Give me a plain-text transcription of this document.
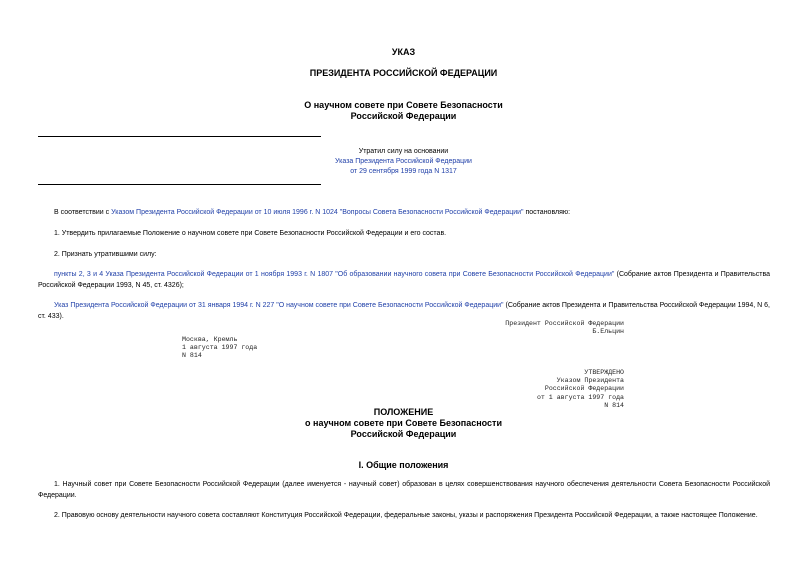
УКАЗ
ПРЕЗИДЕНТА РОССИЙСКОЙ ФЕДЕРАЦИИ
О научном совете при Совете Безопасности
Российской Федерации
Утратил силу на основании
Указа Президента Российской Федерации
от 29 сентября 1999 года N 1317
В соответствии с Указом Президента Российской Федерации от 10 июля 1996 г. N 1024 "Вопросы Совета Безопасности Российской Федерации" постановляю:
1. Утвердить прилагаемые Положение о научном совете при Совете Безопасности Российской Федерации и его состав.
2. Признать утратившими силу:
пункты 2, 3 и 4 Указа Президента Российской Федерации от 1 ноября 1993 г. N 1807 "Об образовании научного совета при Совете Безопасности Российской Федерации" (Собрание актов Президента и Правительства Российской Федерации 1993, N 45, ст. 4326);
Указ Президента Российской Федерации от 31 января 1994 г. N 227 "О научном совете при Совете Безопасности Российской Федерации" (Собрание актов Президента и Правительства Российской Федерации 1994, N 6, ст. 433).
Президент Российской Федерации
Б.Ельцин
Москва, Кремль
1 августа 1997 года
N 814
УТВЕРЖДЕНО
Указом Президента
Российской Федерации
от 1 августа 1997 года
N 814
ПОЛОЖЕНИЕ
о научном совете при Совете Безопасности
Российской Федерации
I. Общие положения
1. Научный совет при Совете Безопасности Российской Федерации (далее именуется - научный совет) образован в целях совершенствования научного обеспечения деятельности Совета Безопасности Российской Федерации.
2. Правовую основу деятельности научного совета составляют Конституция Российской Федерации, федеральные законы, указы и распоряжения Президента Российской Федерации, а также настоящее Положение.
